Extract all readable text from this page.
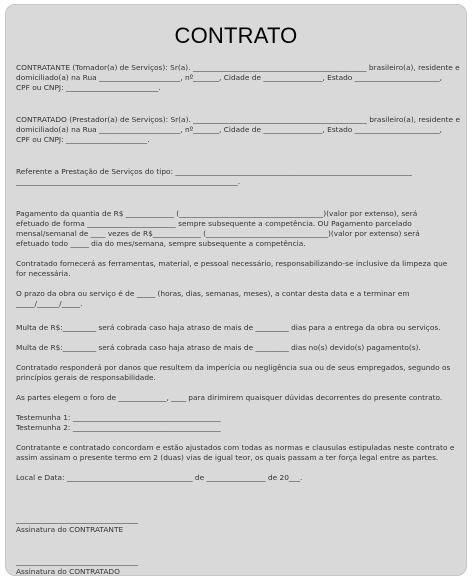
CONTRATO

CONTRATANTE (Tomador(a) de Serviços): Sr(a). _______________________________________________ brasileiro(a), residente e

domiciliado(a) na Rua ______________________, nº_______, Cidade de ________________, Estado _______________________,

CPF ou CNPJ: _________________________.

CONTRATADO (Prestador(a) de Serviços): Sr(a). _______________________________________________ brasileiro(a), residente e

domiciliado(a) na Rua ______________________, nº_______, Cidade de ________________, Estado _______________________,

CPF ou CNPJ: ______________________.

Referente a Prestação de Serviços do tipo: ________________________________________________________________

____________________________________________________________.

Pagamento da quantia de R$ _____________ (_______________________________________)(valor por extenso), será

efetuado de forma ________________________ sempre subsequente a competência. OU Pagamento parcelado

mensal/semanal de ____ vezes de R$_____________ (_________________________________)(valor por extenso) será

efetuado todo _____ dia do mes/semana, sempre subsequente a competência.

Contratado fornecerá as ferramentas, material, e pessoal necessário, responsabilizando-se inclusive da limpeza que

for necessária.

O prazo da obra ou serviço é de _____ (horas, dias, semanas, meses), a contar desta data e a terminar em

_____/______/_____.

Multa de R$:_________ será cobrada caso haja atraso de mais de _________ dias para a entrega da obra ou serviços.

Multa de R$:_________ será cobrada caso haja atraso de mais de _________ dias no(s) devido(s) pagamento(s).

Contratado responderá por danos que resultem da imperícia ou negligência sua ou de seus empregados, segundo os

princípios gerais de responsabilidade.

As partes elegem o foro de _____________, ____ para dirimirem quaisquer dúvidas decorrentes do presente contrato.

Testemunha 1: ________________________________________

Testemunha 2: ________________________________________

Contratante e contratado concordam e estão ajustados com todas as normas e clausulas estipuladas neste contrato e

assim assinam o presente termo em 2 (duas) vias de igual teor, os quais passam a ter força legal entre as partes.

Local e Data: __________________________________ de ________________ de 20___.

_________________________________

Assinatura do CONTRATANTE

_________________________________

Assinatura do CONTRATADO
